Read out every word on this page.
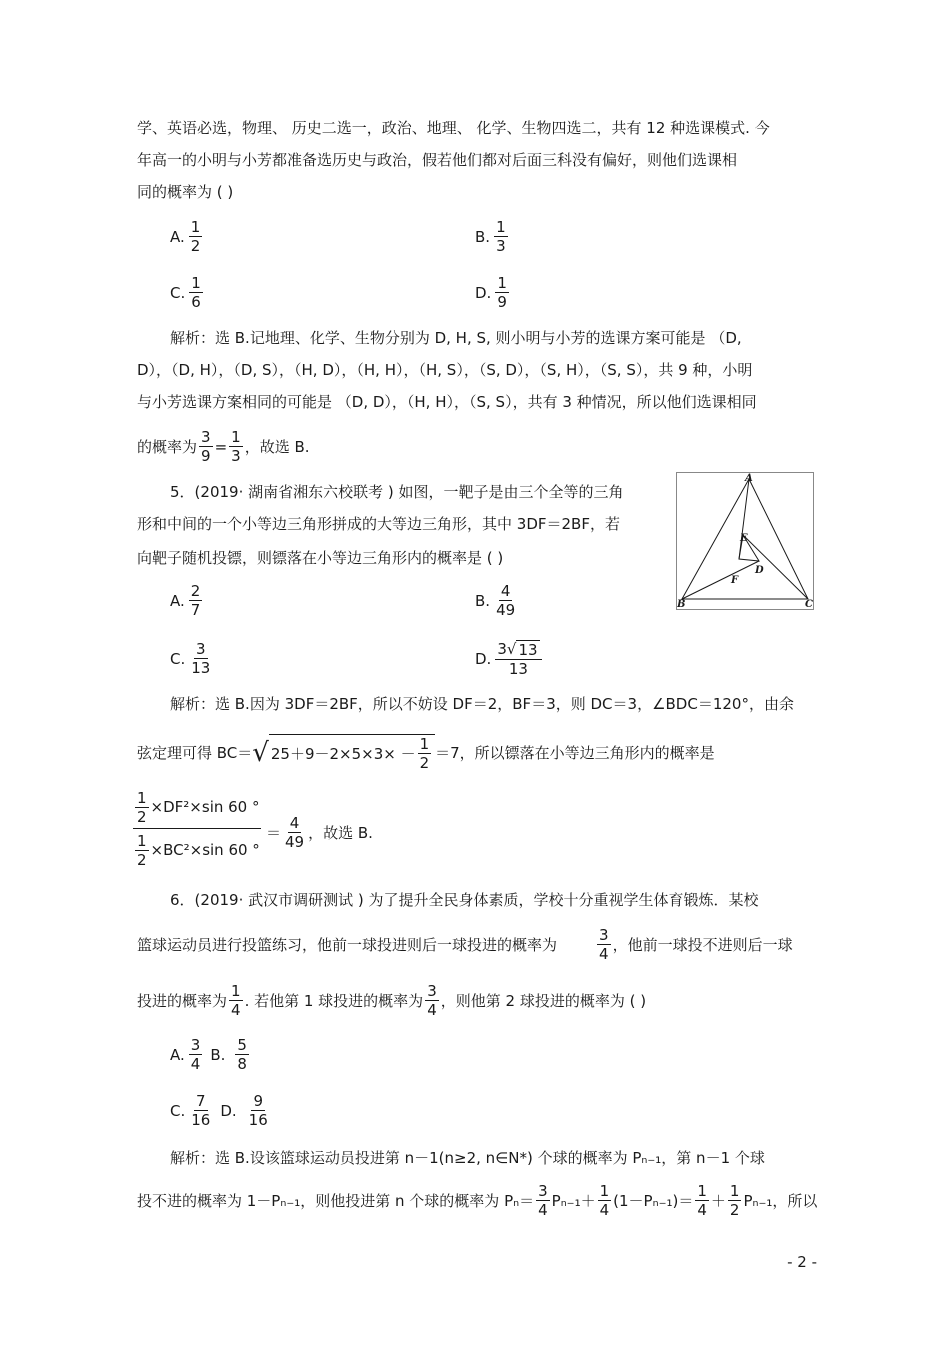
学、英语必选，物理、 历史二选一，政治、地理、 化学、生物四选二，共有 12 种选课模式. 今
年高一的小明与小芳都准备选历史与政治，假若他们都对后面三科没有偏好，则他们选课相
同的概率为 ( )
A. $\frac{1}{2}$	B. $\frac{1}{3}$
C. $\frac{1}{6}$	D. $\frac{1}{9}$
解析：选 B.记地理、化学、生物分别为 D, H, S, 则小明与小芳的选课方案可能是 （D,
D），（D, H），（D, S），（H, D），（H, H），（H, S），（S, D），（S, H），（S, S），共 9 种，小明
与小芳选课方案相同的可能是 （D, D），（H, H），（S, S），共有 3 种情况，所以他们选课相同
的概率为 $\frac{3}{9} = \frac{1}{3}$ ，故选 B.
5．(2019· 湖南省湘东六校联考 ) 如图，一靶子是由三个全等的三角
形和中间的一个小等边三角形拼成的大等边三角形，其中 3DF＝2BF，若
向靶子随机投镖，则镖落在小等边三角形内的概率是 ( )
A
B	C
D
E
F
A. $\frac{2}{7}$	B. $\frac{4}{49}$
C. $\frac{3}{13}$	D. $\frac{3√ 13}{13}$
解析：选 B.因为 3DF＝2BF，所以不妨设 DF＝2，BF＝3，则 DC＝3，∠BDC＝120°，由余
弦定理可得 BC＝ √ $25+9-2\times 5\times 3\times - \frac{1}{2} =7$，所以镖落在小等边三角形内的概率是
$\frac{1}{2} \times DF^2\times\sin$ 60 °
$\frac{1}{2} \times BC^2\times\sin$ 60 °
＝ $\frac{4}{49}$ ，故选 B.
6．(2019· 武汉市调研测试 ) 为了提升全民身体素质，学校十分重视学生体育锻炼．某校
篮球运动员进行投篮练习，他前一球投进则后一球投进的概率为	$\frac{3}{4}$ ，他前一球投不进则后一球
投进的概率为 $\frac{1}{4}$ . 若他第 1 球投进的概率为 $\frac{3}{4}$ ，则他第 2 球投进的概率为 ( )
A. $\frac{3}{4} B$. $\frac{5}{8}$
C. $\frac{7}{16} D$. $\frac{9}{16}$
解析：选 B.设该篮球运动员投进第 n－1(n≥2, n∈N*) 个球的概率为 Pₙ₋₁，第 n－1 个球
投不进的概率为 1－Pₙ₋₁，则他投进第 n 个球的概率为 $P_n= \frac{3}{4} P_{n-1}+ \frac{1}{4} (1-P_{n-1})= \frac{1}{4} + \frac{1}{2} P_{n-1}$，所以
- 2 -
